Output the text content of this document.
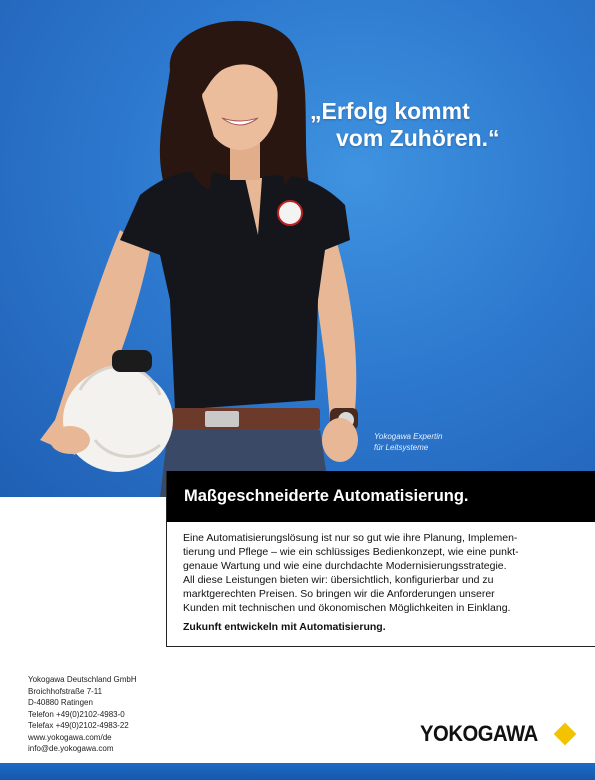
„Erfolg kommt
vom Zuhören.“
Yokogawa Expertin
für Leitsysteme
Maßgeschneiderte Automatisierung.

Eine Automatisierungslösung ist nur so gut wie ihre Planung, Implemen-

tierung und Pflege – wie ein schlüssiges Bedienkonzept, wie eine punkt-

genaue Wartung und wie eine durchdachte Modernisierungsstrategie.

All diese Leistungen bieten wir: übersichtlich, konfigurierbar und zu

marktgerechten Preisen. So bringen wir die Anforderungen unserer

Kunden mit technischen und ökonomischen Möglichkeiten in Einklang.

Zukunft entwickeln mit Automatisierung.
Yokogawa Deutschland GmbH
Broichhofstraße 7-11
D-40880 Ratingen
Telefon +49(0)2102-4983-0
Telefax +49(0)2102-4983-22
www.yokogawa.com/de
info@de.yokogawa.com
YOKOGAWA
